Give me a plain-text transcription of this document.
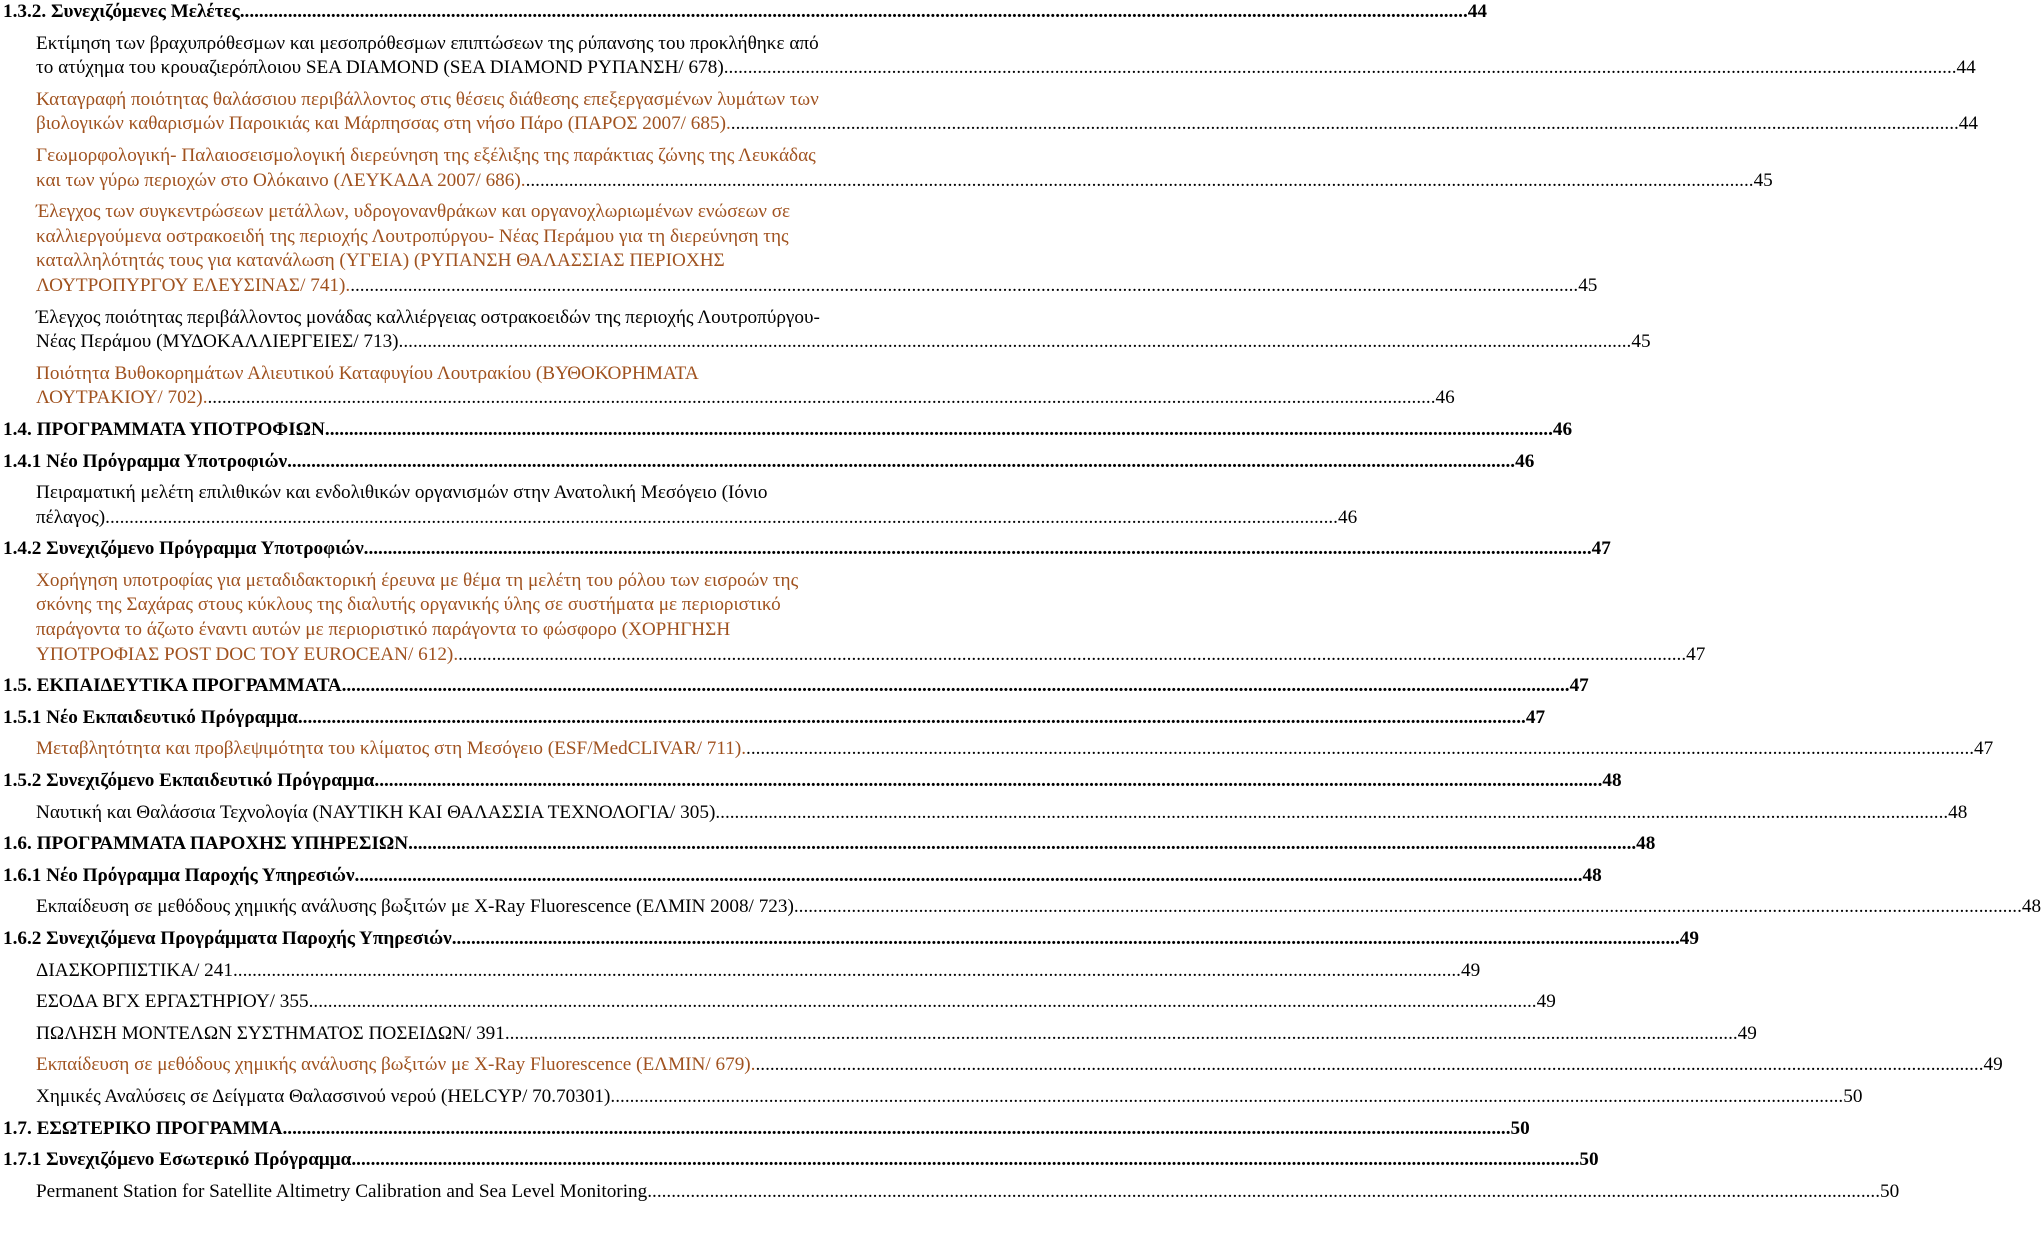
1.3.2. Συνεχιζόμενες Μελέτες .....	44
Εκτίμηση των βραχυπρόθεσμων και μεσοπρόθεσμων επιπτώσεων της ρύπανσης του προκλήθηκε από
το ατύχημα του κρουαζιερόπλοιου SEA DIAMOND (SEA DIAMOND ΡΥΠΑΝΣΗ/ 678). .....	44
Καταγραφή ποιότητας θαλάσσιου περιβάλλοντος στις θέσεις διάθεσης επεξεργασμένων λυμάτων των
βιολογικών καθαρισμών Παροικιάς και Μάρπησσας στη νήσο Πάρο (ΠΑΡΟΣ 2007/ 685). .....	44
Γεωμορφολογική- Παλαιοσεισμολογική διερεύνηση της εξέλιξης της παράκτιας ζώνης της Λευκάδας
και των γύρω περιοχών στο Ολόκαινο (ΛΕΥΚΑΔΑ 2007/ 686). .....	45
Έλεγχος των συγκεντρώσεων μετάλλων, υδρογονανθράκων και οργανοχλωριωμένων ενώσεων σε
καλλιεργούμενα οστρακοειδή της περιοχής Λουτροπύργου- Νέας Περάμου για τη διερεύνηση της
καταλληλότητάς τους για κατανάλωση (ΥΓΕΙΑ) (ΡΥΠΑΝΣΗ ΘΑΛΑΣΣΙΑΣ ΠΕΡΙΟΧΗΣ
ΛΟΥΤΡΟΠΥΡΓΟΥ ΕΛΕΥΣΙΝΑΣ/ 741). .....	45
Έλεγχος ποιότητας περιβάλλοντος μονάδας καλλιέργειας οστρακοειδών της περιοχής Λουτροπύργου-
Νέας Περάμου (ΜΥΔΟΚΑΛΛΙΕΡΓΕΙΕΣ/ 713). .....	45
Ποιότητα Βυθοκορημάτων Αλιευτικού Καταφυγίου Λουτρακίου (ΒΥΘΟΚΟΡΗΜΑΤΑ
ΛΟΥΤΡΑΚΙΟΥ/ 702). .....	46
1.4. ΠΡΟΓΡΑΜΜΑΤΑ ΥΠΟΤΡΟΦΙΩΝ .....	46
1.4.1 Νέο Πρόγραμμα Υποτροφιών .....	46
Πειραματική μελέτη επιλιθικών και ενδολιθικών οργανισμών στην Ανατολική Μεσόγειο (Ιόνιο
πέλαγος). .....	46
1.4.2 Συνεχιζόμενο Πρόγραμμα Υποτροφιών .....	47
Χορήγηση υποτροφίας για μεταδιδακτορική έρευνα με θέμα τη μελέτη του ρόλου των εισροών της
σκόνης της Σαχάρας στους κύκλους της διαλυτής οργανικής ύλης σε συστήματα με περιοριστικό
παράγοντα το άζωτο έναντι αυτών με περιοριστικό παράγοντα το φώσφορο (ΧΟΡΗΓΗΣΗ
ΥΠΟΤΡΟΦΙΑΣ POST DOC TOY EUROCEAN/ 612). .....	47
1.5. ΕΚΠΑΙΔΕΥΤΙΚΑ ΠΡΟΓΡΑΜΜΑΤΑ .....	47
1.5.1 Νέο Εκπαιδευτικό Πρόγραμμα .....	47
Μεταβλητότητα και προβλεψιμότητα του κλίματος στη Μεσόγειο (ESF/MedCLIVAR/ 711). .....	47
1.5.2 Συνεχιζόμενο Εκπαιδευτικό Πρόγραμμα .....	48
Ναυτική και Θαλάσσια Τεχνολογία (ΝΑΥΤΙΚΗ ΚΑΙ ΘΑΛΑΣΣΙΑ ΤΕΧΝΟΛΟΓΙΑ/ 305). .....	48
1.6. ΠΡΟΓΡΑΜΜΑΤΑ ΠΑΡΟΧΗΣ ΥΠΗΡΕΣΙΩΝ .....	48
1.6.1 Νέο Πρόγραμμα Παροχής Υπηρεσιών .....	48
Εκπαίδευση σε μεθόδους χημικής ανάλυσης βωξιτών με X-Ray Fluorescence (ΕΛΜΙΝ 2008/ 723) .....	48
1.6.2 Συνεχιζόμενα Προγράμματα Παροχής Υπηρεσιών .....	49
ΔΙΑΣΚΟΡΠΙΣΤΙΚΑ/ 241 .....	49
ΕΣΟΔΑ ΒΓΧ ΕΡΓΑΣΤΗΡΙΟΥ/ 355 .....	49
ΠΩΛΗΣΗ ΜΟΝΤΕΛΩΝ ΣΥΣΤΗΜΑΤΟΣ ΠΟΣΕΙΔΩΝ/ 391. .....	49
Εκπαίδευση σε μεθόδους χημικής ανάλυσης βωξιτών με X-Ray Fluorescence (ΕΛΜΙΝ/ 679). .....	49
Χημικές Αναλύσεις σε Δείγματα Θαλασσινού νερού (HELCYP/ 70.70301). .....	50
1.7. ΕΣΩΤΕΡΙΚΟ ΠΡΟΓΡΑΜΜΑ .....	50
1.7.1 Συνεχιζόμενο Εσωτερικό Πρόγραμμα .....	50
Permanent Station for Satellite Altimetry Calibration and Sea Level Monitoring. .....	50
